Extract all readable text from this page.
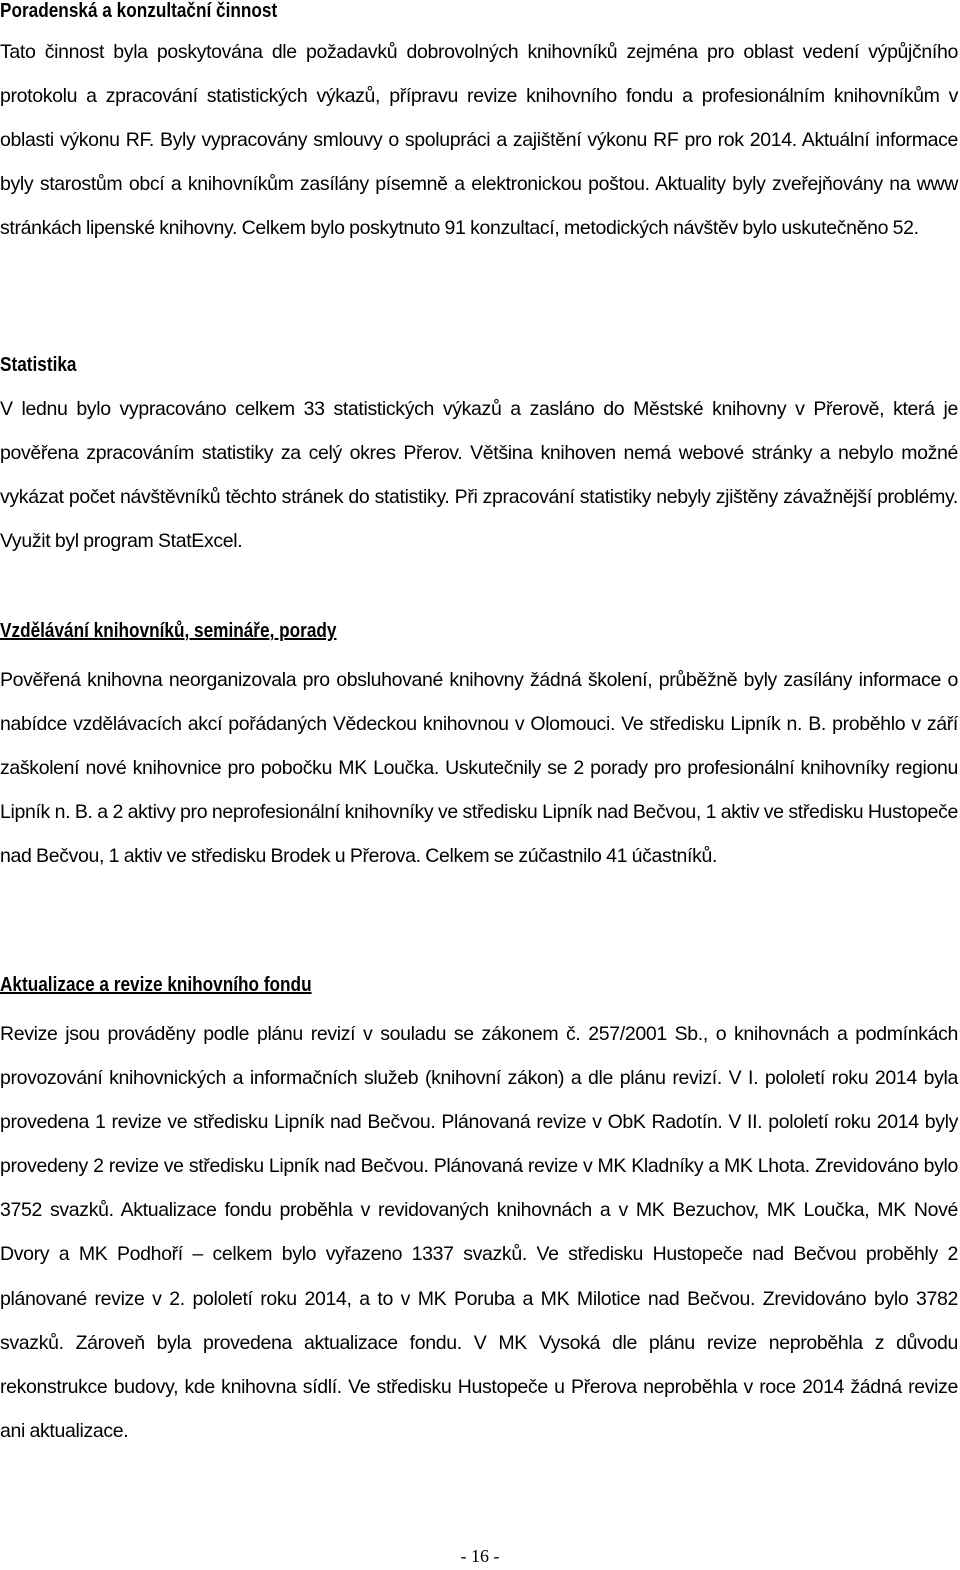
Poradenská a konzultační činnost

Tato činnost byla poskytována dle požadavků dobrovolných knihovníků zejména pro oblast vedení výpůjčního protokolu a zpracování statistických výkazů, přípravu revize knihovního fondu a profesionálním knihovníkům v oblasti výkonu RF. Byly vypracovány smlouvy o spolupráci a zajištění výkonu RF pro rok 2014. Aktuální informace byly starostům obcí a knihovníkům zasílány písemně a elektronickou poštou. Aktuality byly zveřejňovány na www stránkách lipenské knihovny. Celkem bylo poskytnuto 91 konzultací, metodických návštěv bylo uskutečněno 52.

Statistika

V lednu bylo vypracováno celkem 33 statistických výkazů a zasláno do Městské knihovny v Přerově, která je pověřena zpracováním statistiky za celý okres Přerov. Většina knihoven nemá webové stránky a nebylo možné vykázat počet návštěvníků těchto stránek do statistiky. Při zpracování statistiky nebyly zjištěny závažnější problémy. Využit byl program StatExcel.

Vzdělávání knihovníků, semináře, porady

Pověřená knihovna neorganizovala pro obsluhované knihovny žádná školení, průběžně byly zasílány informace o nabídce vzdělávacích akcí pořádaných Vědeckou knihovnou v Olomouci. Ve středisku Lipník n. B. proběhlo v září zaškolení nové knihovnice pro pobočku MK Loučka. Uskutečnily se 2 porady pro profesionální knihovníky regionu Lipník n. B. a 2 aktivy pro neprofesionální knihovníky ve středisku Lipník nad Bečvou, 1 aktiv ve středisku Hustopeče nad Bečvou, 1 aktiv ve středisku Brodek u Přerova. Celkem se zúčastnilo 41 účastníků.

Aktualizace a revize knihovního fondu

Revize jsou prováděny podle plánu revizí v souladu se zákonem č. 257/2001 Sb., o knihovnách a podmínkách provozování knihovnických a informačních služeb (knihovní zákon) a dle plánu revizí. V I. pololetí roku 2014 byla provedena 1 revize ve středisku Lipník nad Bečvou. Plánovaná revize v ObK Radotín. V II. pololetí roku 2014 byly provedeny 2 revize ve středisku Lipník nad Bečvou. Plánovaná revize v MK Kladníky a MK Lhota. Zrevidováno bylo 3752 svazků. Aktualizace fondu proběhla v revidovaných knihovnách a v MK Bezuchov, MK Loučka, MK Nové Dvory a MK Podhoří – celkem bylo vyřazeno 1337 svazků. Ve středisku Hustopeče nad Bečvou proběhly 2 plánované revize v 2. pololetí roku 2014, a to v MK Poruba a MK Milotice nad Bečvou. Zrevidováno bylo 3782 svazků. Zároveň byla provedena aktualizace fondu. V MK Vysoká dle plánu revize neproběhla z důvodu rekonstrukce budovy, kde knihovna sídlí. Ve středisku Hustopeče u Přerova neproběhla v roce 2014 žádná revize ani aktualizace.

- 16 -
